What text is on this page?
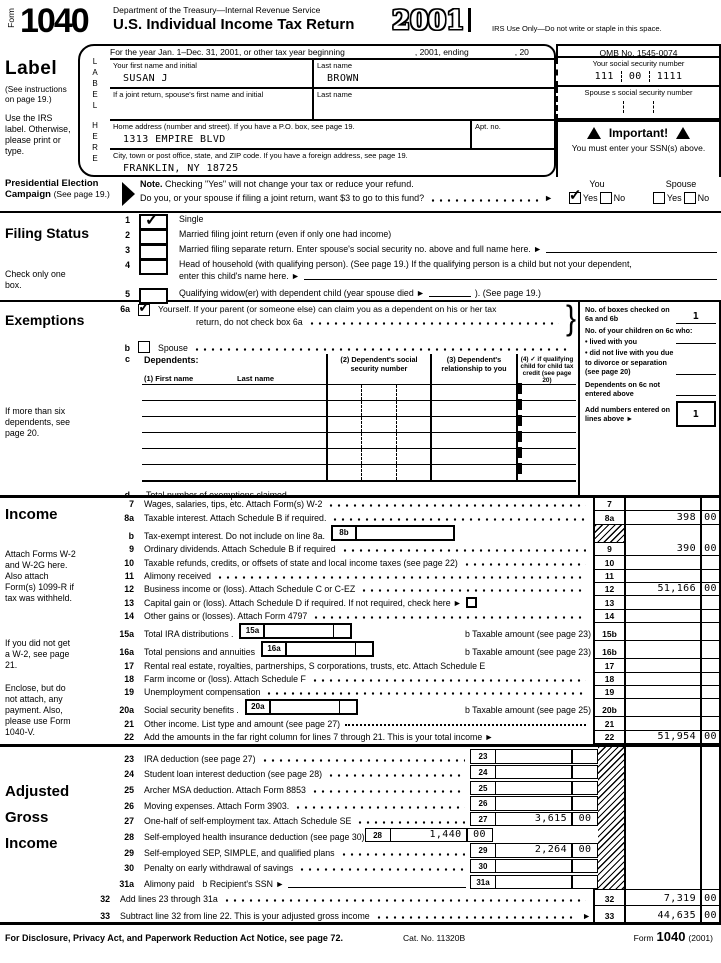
Form 1040	Department of the Treasury—Internal Revenue Service
U.S. Individual Income Tax Return 2001	IRS Use Only—Do not write or staple in this space.
OMB No. 1545-0074
L
A
B
E
L
H
E
R
E
For the year Jan. 1–Dec. 31, 2001, or other tax year beginning	, 2001, ending	, 20
Your first name and initial
SUSAN J
Last name
BROWN
If a joint return, spouse's first name and initial	Last name
Home address (number and street). If you have a P.O. box, see page 19.
1313 EMPIRE BLVD
Apt. no.
City, town or post office, state, and ZIP code. If you have a foreign address, see page 19.
FRANKLIN, NY 18725
Your social security number
111	00	1111
Spouse s social security number
Important!
You must enter your SSN(s) above.
Label
(See instructions on page 19.)
Use the IRS label. Otherwise, please print or type.
Presidential Election Campaign (See page 19.)
Note. Checking "Yes" will not change your tax or reduce your refund.	You	Spouse
Do you, or your spouse if filing a joint return, want $3 to go to this fund?	► ✓	Yes No	Yes No
Filing Status
Check only one box.
1 ✓	Single
2	Married filing joint return (even if only one had income)
3	Married filing separate return. Enter spouse's social security no. above and full name here. ►
4	Head of household (with qualifying person). (See page 19.) If the qualifying person is a child but not your dependent,
enter this child's name here. ►
5	Qualifying widow(er) with dependent child (year spouse died ►	). (See page 19.)
Exemptions
If more than six dependents, see page 20.
6a ✓	Yourself. If your parent (or someone else) can claim you as a dependent on his or her tax
return, do not check box 6a	}
b	Spouse
c Dependents:
(1) First name	Last name
(2) Dependent's social security number
(3) Dependent's relationship to you
(4) ✓ if qualifying child for child tax credit (see page 20)
d Total number of exemptions claimed
No. of boxes checked on 6a and 6b	1
No. of your children on 6c who:
• lived with you
• did not live with you due to divorce or separation (see page 20)
Dependents on 6c not entered above
Add numbers entered on lines above ►	1
Income
Attach Forms W-2 and W-2G here. Also attach Form(s) 1099-R if tax was withheld.
If you did not get a W-2, see page 21.
Enclose, but do not attach, any payment. Also, please use Form 1040-V.
7 Wages, salaries, tips, etc. Attach Form(s) W-2	7
8a Taxable interest. Attach Schedule B if required.	8a	398 00
b Tax-exempt interest. Do not include on line 8a.	8b
9 Ordinary dividends. Attach Schedule B if required	9	390 00
10 Taxable refunds, credits, or offsets of state and local income taxes (see page 22)	10
11 Alimony received	11
12 Business income or (loss). Attach Schedule C or C-EZ	12	51,166 00
13 Capital gain or (loss). Attach Schedule D if required. If not required, check here ►	13
14 Other gains or (losses). Attach Form 4797	14
15a Total IRA distributions .	15a	b Taxable amount (see page 23)	15b
16a Total pensions and annuities	16a	b Taxable amount (see page 23)	16b
17 Rental real estate, royalties, partnerships, S corporations, trusts, etc. Attach Schedule E	17
18 Farm income or (loss). Attach Schedule F	18
19 Unemployment compensation	19
20a Social security benefits .	20a	b Taxable amount (see page 25)	20b
21 Other income. List type and amount (see page 27)	21
22 Add the amounts in the far right column for lines 7 through 21. This is your total income ►	22	51,954 00
Adjusted
Gross
Income
23 IRA deduction (see page 27)	23
24 Student loan interest deduction (see page 28)	24
25 Archer MSA deduction. Attach Form 8853	25
26 Moving expenses. Attach Form 3903.	26
27 One-half of self-employment tax. Attach Schedule SE	27	3,615	00
28 Self-employed health insurance deduction (see page 30)	28	1,440	00
29 Self-employed SEP, SIMPLE, and qualified plans	29	2,264	00
30 Penalty on early withdrawal of savings	30
31a Alimony paid b Recipient's SSN ►	31a
32 Add lines 23 through 31a	32	7,319 00
33 Subtract line 32 from line 22. This is your adjusted gross income	►	33	44,635 00
For Disclosure, Privacy Act, and Paperwork Reduction Act Notice, see page 72.	Cat. No. 11320B	Form 1040 (2001)
